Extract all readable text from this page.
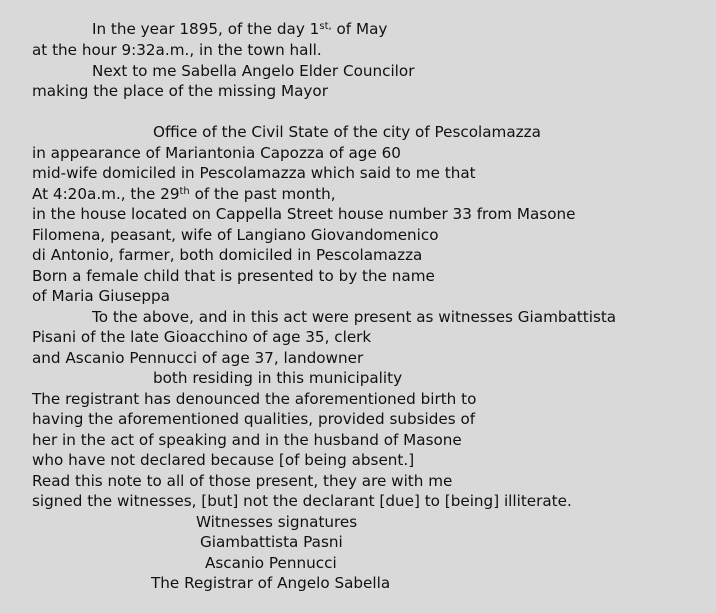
In the year 1895, of the day $1^{st,}$ of May

at the hour 9:32a.m., in the town hall.

Next to me Sabella Angelo Elder Councilor

making the place of the missing Mayor

Office of the Civil State of the city of Pescolamazza

in appearance of Mariantonia Capozza of age 60

mid-wife domiciled in Pescolamazza which said to me that

At 4:20a.m., the 29th of the past month,

in the house located on Cappella Street house number 33 from Masone

Filomena, peasant, wife of Langiano Giovandomenico

di Antonio, farmer, both domiciled in Pescolamazza

Born a female child that is presented to by the name

of Maria Giuseppa

To the above, and in this act were present as witnesses Giambattista

Pisani of the late Gioacchino of age 35, clerk

and Ascanio Pennucci of age 37, landowner

both residing in this municipality

The registrant has denounced the aforementioned birth to

having the aforementioned qualities, provided subsides of

her in the act of speaking and in the husband of Masone

who have not declared because [of being absent.]

Read this note to all of those present, they are with me

signed the witnesses, [but] not the declarant [due] to [being] illiterate.

Witnesses signatures

Giambattista Pasni

Ascanio Pennucci

The Registrar of Angelo Sabella
